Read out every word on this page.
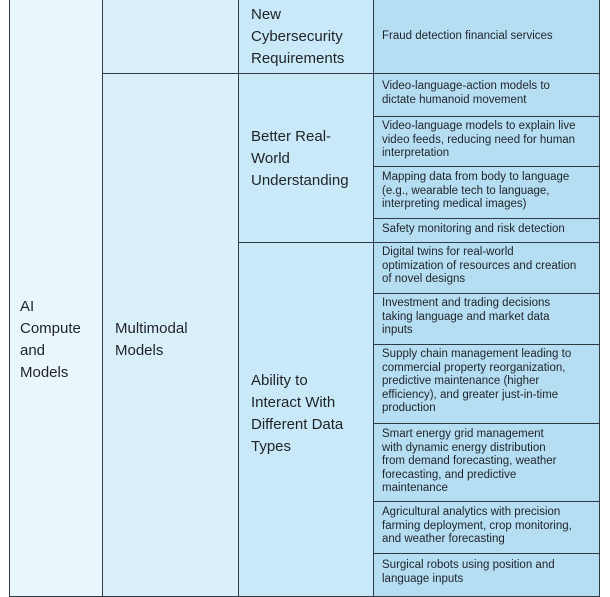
AI
Compute
and
Models
Multimodal
Models
New
Cybersecurity
Requirements
Fraud detection financial services
Better Real-
World
Understanding
Video-language-action models to
dictate humanoid movement
Video-language models to explain live
video feeds, reducing need for human
interpretation
Mapping data from body to language
(e.g., wearable tech to language,
interpreting medical images)
Safety monitoring and risk detection
Ability to
Interact With
Different Data
Types
Digital twins for real-world
optimization of resources and creation
of novel designs
Investment and trading decisions
taking language and market data
inputs
Supply chain management leading to
commercial property reorganization,
predictive maintenance (higher
efficiency), and greater just-in-time
production
Smart energy grid management
with dynamic energy distribution
from demand forecasting, weather
forecasting, and predictive
maintenance
Agricultural analytics with precision
farming deployment, crop monitoring,
and weather forecasting
Surgical robots using position and
language inputs
